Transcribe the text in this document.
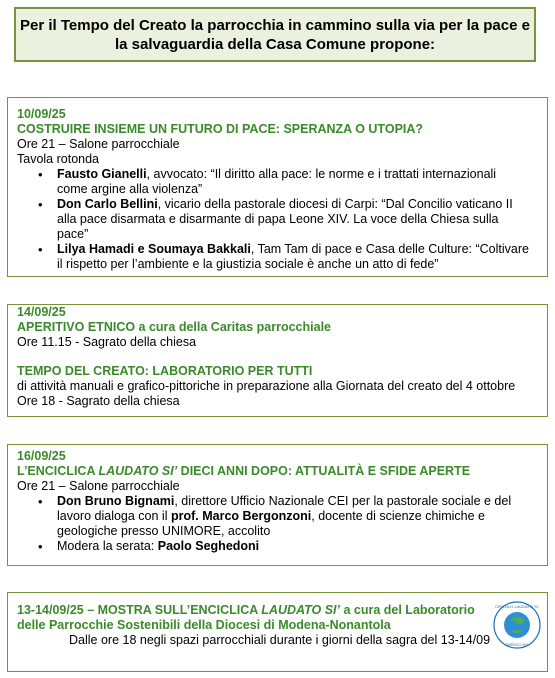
Per il Tempo del Creato la parrocchia in cammino sulla via per la pace e
la salvaguardia della Casa Comune propone:
10/09/25
COSTRUIRE INSIEME UN FUTURO DI PACE: SPERANZA O UTOPIA?
Ore 21 – Salone parrocchiale
Tavola rotonda
• Fausto Gianelli, avvocato: “Il diritto alla pace: le norme e i trattati internazionali come argine alla violenza”
• Don Carlo Bellini, vicario della pastorale diocesi di Carpi: “Dal Concilio vaticano II alla pace disarmata e disarmante di papa Leone XIV. La voce della Chiesa sulla pace”
• Lilya Hamadi e Soumaya Bakkali, Tam Tam di pace e Casa delle Culture: “Coltivare il rispetto per l’ambiente e la giustizia sociale è anche un atto di fede”
14/09/25
APERITIVO ETNICO a cura della Caritas parrocchiale
Ore 11.15 - Sagrato della chiesa
TEMPO DEL CREATO: LABORATORIO PER TUTTI
di attività manuali e grafico-pittoriche in preparazione alla Giornata del creato del 4 ottobre
Ore 18 - Sagrato della chiesa
16/09/25
L’ENCICLICA LAUDATO SI’ DIECI ANNI DOPO: ATTUALITÀ E SFIDE APERTE
Ore 21 – Salone parrocchiale
• Don Bruno Bignami, direttore Ufficio Nazionale CEI per la pastorale sociale e del lavoro dialoga con il prof. Marco Bergonzoni, docente di scienze chimiche e geologiche presso UNIMORE, accolito
• Modera la serata: Paolo Seghedoni
13-14/09/25 – MOSTRA SULL’ENCICLICA LAUDATO SI’ a cura del Laboratorio
delle Parrocchie Sostenibili della Diocesi di Modena-Nonantola
Dalle ore 18 negli spazi parrocchiali durante i giorni della sagra del 13-14/09
CIRCOLO LAUDATO SI’
PARROCCHIA
